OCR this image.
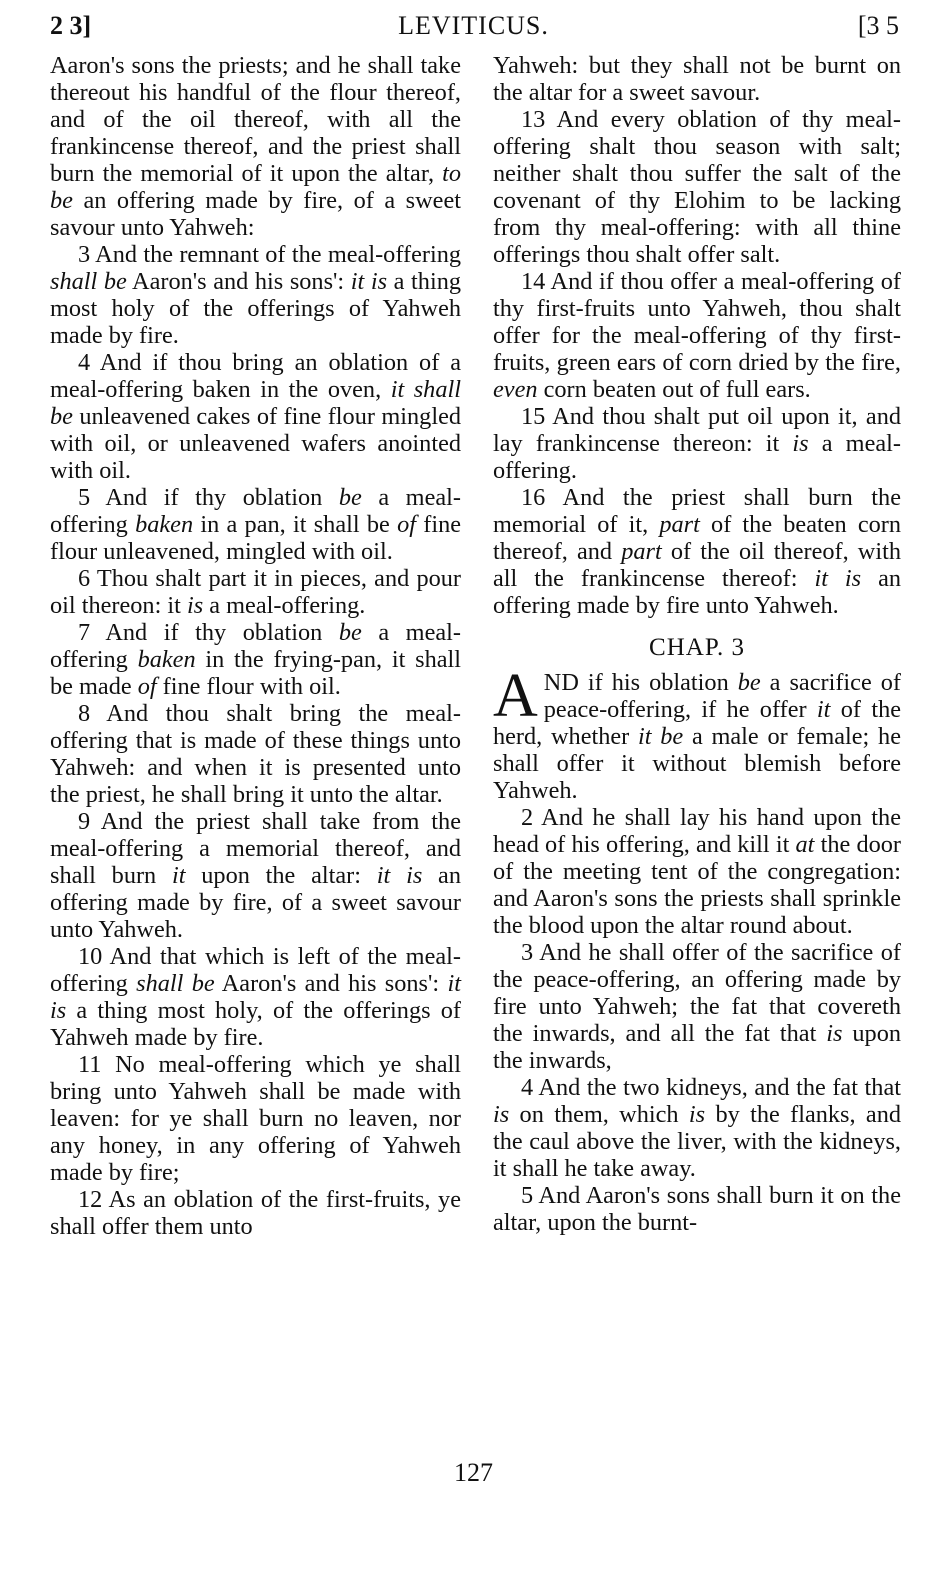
2 3]	LEVITICUS.	[3 5

Aaron's sons the priests; and he shall take thereout his handful of the flour thereof, and of the oil thereof, with all the frankincense thereof, and the priest shall burn the memorial of it upon the altar, to be an offering made by fire, of a sweet savour unto Yahweh:

3 And the remnant of the meal-offering shall be Aaron's and his sons': it is a thing most holy of the offerings of Yahweh made by fire.

4 And if thou bring an oblation of a meal-offering baken in the oven, it shall be unleavened cakes of fine flour mingled with oil, or unleavened wafers anointed with oil.

5 And if thy oblation be a meal-offering baken in a pan, it shall be of fine flour unleavened, mingled with oil.

6 Thou shalt part it in pieces, and pour oil thereon: it is a meal-offering.

7 And if thy oblation be a meal-offering baken in the frying-pan, it shall be made of fine flour with oil.

8 And thou shalt bring the meal-offering that is made of these things unto Yahweh: and when it is presented unto the priest, he shall bring it unto the altar.

9 And the priest shall take from the meal-offering a memorial thereof, and shall burn it upon the altar: it is an offering made by fire, of a sweet savour unto Yahweh.

10 And that which is left of the meal-offering shall be Aaron's and his sons': it is a thing most holy, of the offerings of Yahweh made by fire.

11 No meal-offering which ye shall bring unto Yahweh shall be made with leaven: for ye shall burn no leaven, nor any honey, in any offering of Yahweh made by fire;

12 As an oblation of the first-fruits, ye shall offer them unto

Yahweh: but they shall not be burnt on the altar for a sweet savour.

13 And every oblation of thy meal-offering shalt thou season with salt; neither shalt thou suffer the salt of the covenant of thy Elohim to be lacking from thy meal-offering: with all thine offerings thou shalt offer salt.

14 And if thou offer a meal-offering of thy first-fruits unto Yahweh, thou shalt offer for the meal-offering of thy first-fruits, green ears of corn dried by the fire, even corn beaten out of full ears.

15 And thou shalt put oil upon it, and lay frankincense thereon: it is a meal-offering.

16 And the priest shall burn the memorial of it, part of the beaten corn thereof, and part of the oil thereof, with all the frankincense thereof: it is an offering made by fire unto Yahweh.

CHAP. 3

AND if his oblation be a sacrifice of peace-offering, if he offer it of the herd, whether it be a male or female; he shall offer it without blemish before Yahweh.

2 And he shall lay his hand upon the head of his offering, and kill it at the door of the meeting tent of the congregation: and Aaron's sons the priests shall sprinkle the blood upon the altar round about.

3 And he shall offer of the sacrifice of the peace-offering, an offering made by fire unto Yahweh; the fat that covereth the inwards, and all the fat that is upon the inwards,

4 And the two kidneys, and the fat that is on them, which is by the flanks, and the caul above the liver, with the kidneys, it shall he take away.

5 And Aaron's sons shall burn it on the altar, upon the burnt-

127
